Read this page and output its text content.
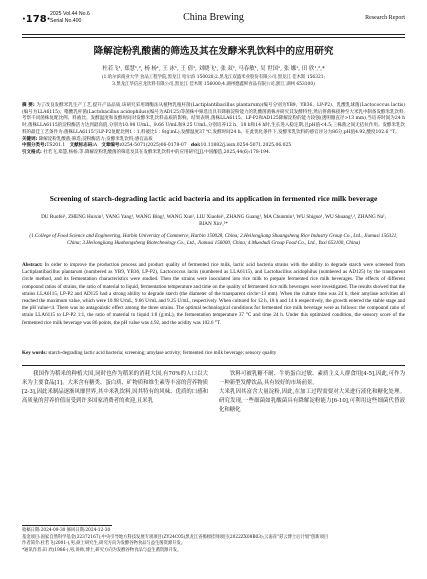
·178· 2025 Vol.44 No.6
Serial No.400	China Brewing	Research Report
降解淀粉乳酸菌的筛选及其在发酵米乳饮料中的应用研究
杜若飞¹, 郑慧¹,², 杨 杨¹, 王 冰¹, 王 倩¹, 刘晓飞¹, 张 双¹, 马春敏¹, 吴 世国¹, 张 娜¹, 田 欣¹,²,*
(1.哈尔滨商业大学 食品工程学院,黑龙江 哈尔滨 150028;2.黑龙江双盛米业股份有限公司,黑龙江 佳木斯 156321;
3.黑龙江华信应龙饮料有限公司,黑龙江 佳木斯 156000;4.湖州德鑫鲜食品有限公司,浙江 湖州 653100)
摘 要: 为了改良发酵米乳生产工艺,提升产品品质,该研究采用调酶法从植物乳植杆菌(Lactiplantibacillus plantarum)(编号分别为YB9、YB36、LP-P2)、乳酸乳球菌(Lactococcus lactis)(编号为LLA6115)、嗜酸乳杆菌(Lactobacillus acidophilus)(编号为AD125)等菌株中筛选出具有降解淀粉能力的乳酸菌菌株并研究其发酵特性,然后将菌株接种至大米乳中制备发酵米乳饮料,考察不同菌株复配比例、料液比、发酵温度和发酵时间对发酵米乳饮料品质的影响。结果表明,菌株LLA6115、LP-P2和AD125降解淀粉的能力较强(透明圈直径>13 mm),当培养时间为24 h时,菌株LLA6115的淀粉酶活力达到最高值,分别为10.98 U/mL、9.66 U/mL和9.25 U/mL,分别培养12 h、18 h和14 h时,生长进入稳定期,且pH值<4.5;三株菌之间无拮抗作用。发酵米乳饮料的最佳工艺条件为:菌株LLA6115与LP-P2复配比例1∶1,料液比1∶8(g∶mL),发酵温度37 ℃,发酵时间24 h。在此优化条件下,发酵米乳饮料的感官评分为86分,pH值4.92,酸度102.6 °T。
关键词: 降解淀粉乳酸菌;筛选;淀粉酶活力;发酵米乳饮料;感官品质
中图分类号:TS201.1 文献标志码:A 文章编号:0254-5071(2025)06-0178-07 doi:10.11882/j.issn.0254-5071.2025.06.025
引文格式: 杜若飞,郑慧,杨杨,等.降解淀粉乳酸菌的筛选及其在发酵米乳饮料中的应用研究[J].中国酿造,2025,44(6):178-194.
Screening of starch-degrading lactic acid bacteria and its application in fermented rice milk beverage
DU Ruofei¹, ZHENG Huixin¹, YANG Yang¹, WANG Bing¹, WANG Xun¹, LIU Xiaofei¹, ZHANG Guang¹, MA Chunmin¹, WU Shiguo¹, WU Shuang¹,², ZHANG Na¹, BIAN Xin¹,²*
(1.College of Food Science and Engineering, Harbin University of Commerce, Harbin 150028, China; 2.Heilongjiang Shuangsheng Rice Industry Group Co., Ltd., Jiamusi 156321, China; 3.Heilongjiang Huahongsheng Biotechnology Co., Ltd., Jiamusi 156000, China; 4.Muodudi Group Food Co., Ltd., Yuxi 653100, China)
Abstract: In order to improve the production process and product quality of fermented rice milk, lactic acid bacteria strains with the ability to degrade starch were screened from Lactiplantibacillus plantarum (numbered as YB9, YB36, LP-P2), Lactococcus lactis (numbered as LLA6115), and Lactobacillus acidophilus (numbered as AD125) by the transparent circle method, and its fermentation characteristics were studied. Then the strains were inoculated into rice milk to prepare fermented rice milk beverages. The effects of different compound ratios of strains, the ratio of material to liquid, fermentation temperature and time on the quality of fermented rice milk beverages were investigated. The results showed that the strains LLA6115, LP-P2 and AD125 had a strong ability to degrade starch (the diameter of the transparent circle>13 mm). When the culture time was 24 h, their amylase activities all reached the maximum value, which were 10.98 U/mL, 9.66 U/mL and 9.25 U/mL, respectively. When cultured for 12 h, 18 h and 14 h respectively, the growth entered the stable stage and the pH value<4. There was no antagonistic effect among the three strains. The optimal technological conditions for fermented rice milk beverage were as follows: the compound ratio of strain LLA6115 to LP-P2 1∶1, the ratio of material to liquid 1∶8 (g∶mL), the fermentation temperature 37 °C and time 24 h. Under this optimized condition, the sensory score of the fermented rice milk beverage was 86 points, the pH value was 4.92, and the acidity was 102.6 °T.
Key words: starch-degrading lactic acid bacteria; screening; amylase activity; fermented rice milk beverage; sensory quality
我国作为稻米的种植大国,同时也作为稻米的消耗大国,有70%的人口以大米为主要食品[1]。大米含有糖类、蛋白质、矿物质和维生素等丰富的营养物质[2-3],因此米制品逐渐风靡世界,其中米乳饮料,因其特有的风味、优质的口感和高质量的营养价值而受到许多国家消费者的欢迎,且米乳
饮料可被乳糖不耐、牛奶蛋白过敏、素质主义人群食用[4-5],因此,可作为一种新型发酵饮品,具有较好的市场前景。
大米乳因其富含大量淀粉,因此,在加工过程需要对大米进行液化和糖化处理。研究发现,一些细菌如乳酸菌具有降解淀粉能力[6-10],可利用这些细菌代替液化和糖化
收稿日期:2024-09-30 修回日期:2024-12-30
基金项目:国家自然科学基金(32372167);中央引导地方科技发展专项项目(ZY24C05)黑龙江省揭榜挂帅项目(2022ZX08B03);云南省"彩云博士后计划"创新项目
作者简介:杜若飞(2001-),男,硕士研究生,研究方向为发酵谷物食品与益生菌资源开发。
*通讯作者:田 欣(1986-),男,讲师,博士,研究方向为发酵谷物食品与益生菌资源开发。
